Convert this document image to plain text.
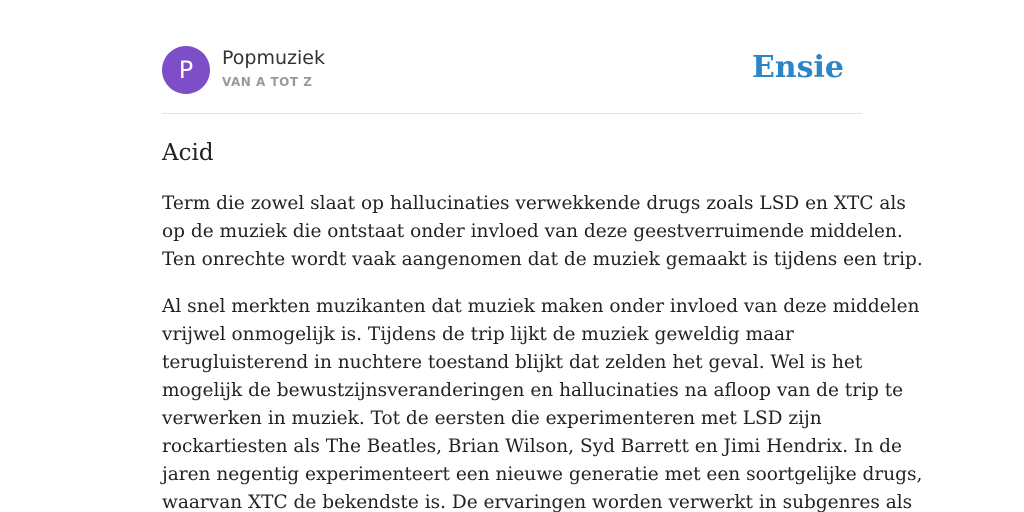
P	Popmuziek
VAN A TOT Z	Ensie
Acid

Term die zowel slaat op hallucinaties verwekkende drugs zoals LSD en XTC als
op de muziek die ontstaat onder invloed van deze geestverruimende middelen.
Ten onrechte wordt vaak aangenomen dat de muziek gemaakt is tijdens een trip.

Al snel merkten muzikanten dat muziek maken onder invloed van deze middelen
vrijwel onmogelijk is. Tijdens de trip lijkt de muziek geweldig maar
terugluisterend in nuchtere toestand blijkt dat zelden het geval. Wel is het
mogelijk de bewustzijnsveranderingen en hallucinaties na afloop van de trip te
verwerken in muziek. Tot de eersten die experimenteren met LSD zijn
rockartiesten als The Beatles, Brian Wilson, Syd Barrett en Jimi Hendrix. In de
jaren negentig experimenteert een nieuwe generatie met een soortgelijke drugs,
waarvan XTC de bekendste is. De ervaringen worden verwerkt in subgenres als
